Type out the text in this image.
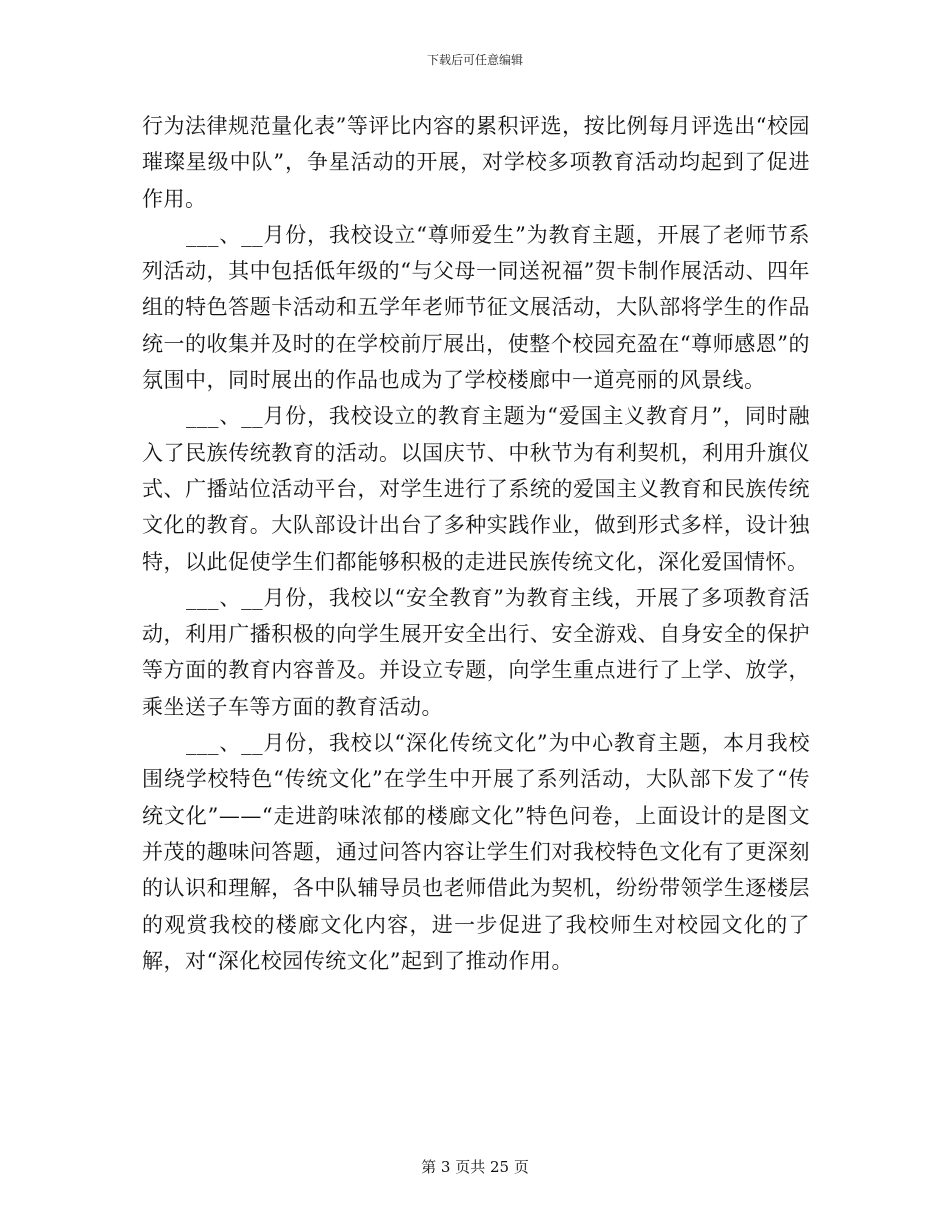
下载后可任意编辑

行为法律规范量化表”等评比内容的累积评选，按比例每月评选出“校园璀璨星级中队”，争星活动的开展，对学校多项教育活动均起到了促进作用。

___、__月份，我校设立“尊师爱生”为教育主题，开展了老师节系列活动，其中包括低年级的“与父母一同送祝福”贺卡制作展活动、四年组的特色答题卡活动和五学年老师节征文展活动，大队部将学生的作品统一的收集并及时的在学校前厅展出，使整个校园充盈在“尊师感恩”的氛围中，同时展出的作品也成为了学校楼廊中一道亮丽的风景线。

___、__月份，我校设立的教育主题为“爱国主义教育月”，同时融入了民族传统教育的活动。以国庆节、中秋节为有利契机，利用升旗仪式、广播站位活动平台，对学生进行了系统的爱国主义教育和民族传统文化的教育。大队部设计出台了多种实践作业，做到形式多样，设计独特，以此促使学生们都能够积极的走进民族传统文化，深化爱国情怀。

___、__月份，我校以“安全教育”为教育主线，开展了多项教育活动，利用广播积极的向学生展开安全出行、安全游戏、自身安全的保护等方面的教育内容普及。并设立专题，向学生重点进行了上学、放学，乘坐送子车等方面的教育活动。

___、__月份，我校以“深化传统文化”为中心教育主题，本月我校围绕学校特色“传统文化”在学生中开展了系列活动，大队部下发了“传统文化”——“走进韵味浓郁的楼廊文化”特色问卷，上面设计的是图文并茂的趣味问答题，通过问答内容让学生们对我校特色文化有了更深刻的认识和理解，各中队辅导员也老师借此为契机，纷纷带领学生逐楼层的观赏我校的楼廊文化内容，进一步促进了我校师生对校园文化的了解，对“深化校园传统文化”起到了推动作用。

第 3 页共 25 页
